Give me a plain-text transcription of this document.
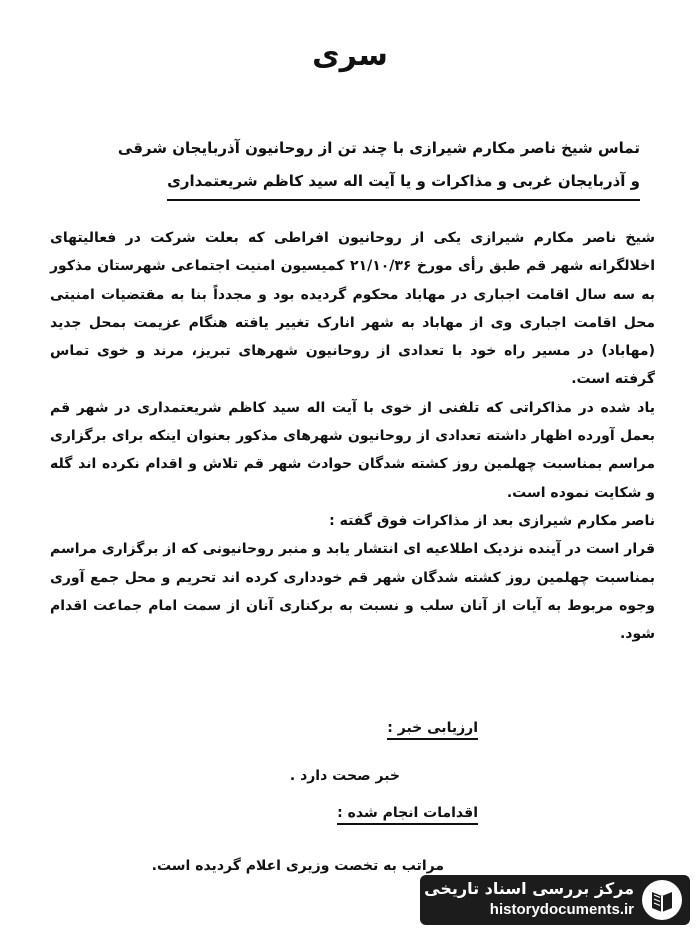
سری
تماس شیخ ناصر مکارم شیرازی با چند تن از روحانیون آذربایجان شرقی
و آذربایجان غربی و مذاکرات و یا آیت اله سید کاظم شریعتمداری

شیخ ناصر مکارم شیرازی یکی از روحانیون افراطی که بعلت شرکت در فعالیتهای اخلالگرانه شهر قم طبق رأی مورخ ۲۱/۱۰/۳۶ کمیسیون امنیت اجتماعی شهرستان مذکور به سه سال اقامت اجباری در مهاباد محکوم گردیده بود و مجدداً بنا به مقتضیات امنیتی محل اقامت اجباری وی از مهاباد به شهر انارک تغییر یافته هنگام عزیمت بمحل جدید (مهاباد) در مسیر راه خود با تعدادی از روحانیون شهرهای تبریز، مرند و خوی تماس گرفته است.

یاد شده در مذاکراتی که تلفنی از خوی با آیت اله سید کاظم شریعتمداری در شهر قم بعمل آورده اظهار داشته تعدادی از روحانیون شهرهای مذکور بعنوان اینکه برای برگزاری مراسم بمناسبت چهلمین روز کشته شدگان حوادث شهر قم تلاش و اقدام نکرده اند گله و شکایت نموده است.

ناصر مکارم شیرازی بعد از مذاکرات فوق گفته :

قرار است در آینده نزدیک اطلاعیه ای انتشار یابد و منبر روحانیونی که از برگزاری مراسم بمناسبت چهلمین روز کشته شدگان شهر قم خودداری کرده اند تحریم و محل جمع آوری وجوه مربوط به آیات از آنان سلب و نسبت به برکناری آنان از سمت امام جماعت اقدام شود.

ارزیابی خبر :
خبر صحت دارد .
اقدامات انجام شده :
مراتب به تخصت وزیری اعلام گردیده است.
مرکز بررسی اسناد تاریخی
historydocuments.ir
